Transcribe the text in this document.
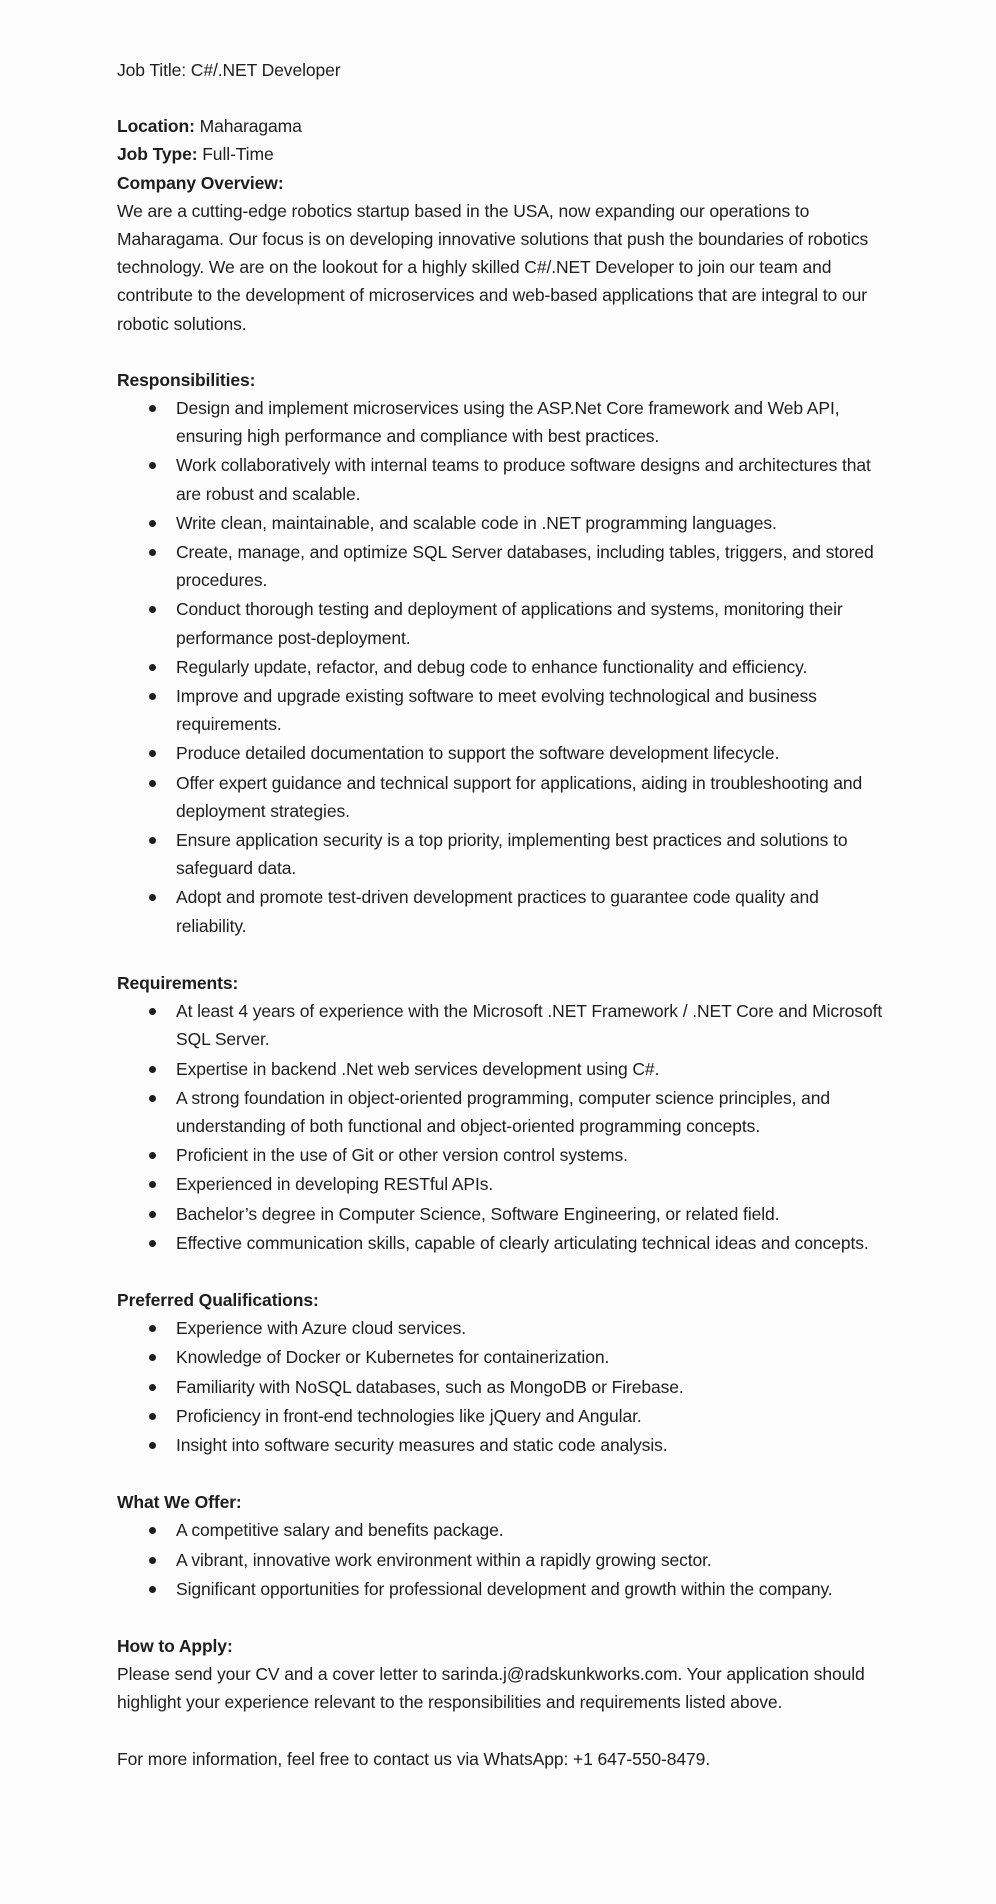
Job Title: C#/.NET Developer

Location: Maharagama

Job Type: Full-Time

Company Overview:

We are a cutting-edge robotics startup based in the USA, now expanding our operations to Maharagama. Our focus is on developing innovative solutions that push the boundaries of robotics technology. We are on the lookout for a highly skilled C#/.NET Developer to join our team and contribute to the development of microservices and web-based applications that are integral to our robotic solutions.

Responsibilities:

Design and implement microservices using the ASP.Net Core framework and Web API, ensuring high performance and compliance with best practices.
Work collaboratively with internal teams to produce software designs and architectures that are robust and scalable.
Write clean, maintainable, and scalable code in .NET programming languages.
Create, manage, and optimize SQL Server databases, including tables, triggers, and stored procedures.
Conduct thorough testing and deployment of applications and systems, monitoring their performance post-deployment.
Regularly update, refactor, and debug code to enhance functionality and efficiency.
Improve and upgrade existing software to meet evolving technological and business requirements.
Produce detailed documentation to support the software development lifecycle.
Offer expert guidance and technical support for applications, aiding in troubleshooting and deployment strategies.
Ensure application security is a top priority, implementing best practices and solutions to safeguard data.
Adopt and promote test-driven development practices to guarantee code quality and reliability.

Requirements:

At least 4 years of experience with the Microsoft .NET Framework / .NET Core and Microsoft SQL Server.
Expertise in backend .Net web services development using C#.
A strong foundation in object-oriented programming, computer science principles, and understanding of both functional and object-oriented programming concepts.
Proficient in the use of Git or other version control systems.
Experienced in developing RESTful APIs.
Bachelor’s degree in Computer Science, Software Engineering, or related field.
Effective communication skills, capable of clearly articulating technical ideas and concepts.

Preferred Qualifications:

Experience with Azure cloud services.
Knowledge of Docker or Kubernetes for containerization.
Familiarity with NoSQL databases, such as MongoDB or Firebase.
Proficiency in front-end technologies like jQuery and Angular.
Insight into software security measures and static code analysis.

What We Offer:

A competitive salary and benefits package.
A vibrant, innovative work environment within a rapidly growing sector.
Significant opportunities for professional development and growth within the company.

How to Apply:

Please send your CV and a cover letter to sarinda.j@radskunkworks.com. Your application should highlight your experience relevant to the responsibilities and requirements listed above.

For more information, feel free to contact us via WhatsApp: +1 647-550-8479.
